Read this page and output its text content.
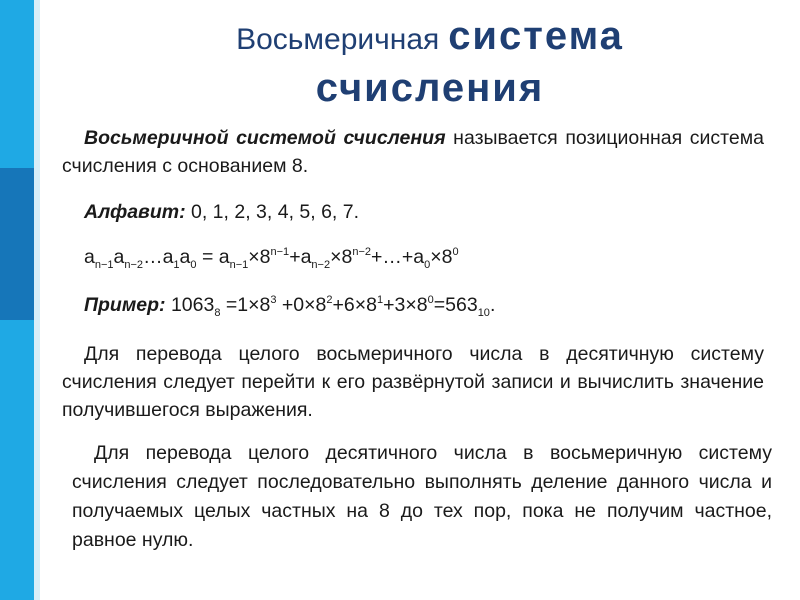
Восьмеричная система
счисления

Восьмеричной системой счисления называется позиционная система счисления с основанием 8.

Алфавит: 0, 1, 2, 3, 4, 5, 6, 7.

$a_{n-1}a_{n-2}\dots a_1a_0$ = $a_{n-1}\times 8^{n-1}+a_{n-2}\times 8^{n-2}+\dots+a_0\times 8^0$

Пример: $1063_8 =1\times 8^3 +0\times 8^2+6\times 8^1+3\times 8^0=563_{10}$.

Для перевода целого восьмеричного числа в десятичную систему счисления следует перейти к его развёрнутой записи и вычислить значение получившегося выражения.

Для перевода целого десятичного числа в восьмеричную систему счисления следует последовательно выполнять деление данного числа и получаемых целых частных на 8 до тех пор, пока не получим частное, равное нулю.
